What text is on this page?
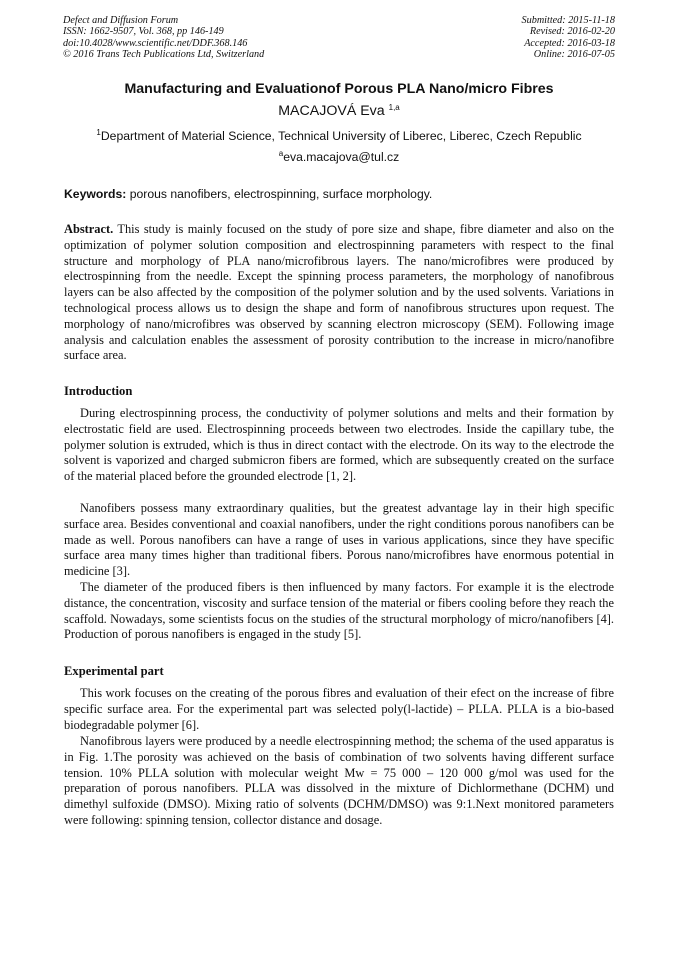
Defect and Diffusion Forum
ISSN: 1662-9507, Vol. 368, pp 146-149
doi:10.4028/www.scientific.net/DDF.368.146
© 2016 Trans Tech Publications Ltd, Switzerland
Submitted: 2015-11-18
Revised: 2016-02-20
Accepted: 2016-03-18
Online: 2016-07-05
Manufacturing and Evaluationof Porous PLA Nano/micro Fibres
MACAJOVÁ Eva $^{1,a}$
$^1$Department of Material Science, Technical University of Liberec, Liberec, Czech Republic
$^a$eva.macajova@tul.cz
Keywords: porous nanofibers, electrospinning, surface morphology.
Abstract. This study is mainly focused on the study of pore size and shape, fibre diameter and also on the optimization of polymer solution composition and electrospinning parameters with respect to the final structure and morphology of PLA nano/microfibrous layers. The nano/microfibres were produced by electrospinning from the needle. Except the spinning process parameters, the morphology of nanofibrous layers can be also affected by the composition of the polymer solution and by the used solvents. Variations in technological process allows us to design the shape and form of nanofibrous structures upon request. The morphology of nano/microfibres was observed by scanning electron microscopy (SEM). Following image analysis and calculation enables the assessment of porosity contribution to the increase in micro/nanofibre surface area.
Introduction
During electrospinning process, the conductivity of polymer solutions and melts and their formation by electrostatic field are used. Electrospinning proceeds between two electrodes. Inside the capillary tube, the polymer solution is extruded, which is thus in direct contact with the electrode. On its way to the electrode the solvent is vaporized and charged submicron fibers are formed, which are subsequently created on the surface of the material placed before the grounded electrode [1, 2].
Nanofibers possess many extraordinary qualities, but the greatest advantage lay in their high specific surface area. Besides conventional and coaxial nanofibers, under the right conditions porous nanofibers can be made as well. Porous nanofibers can have a range of uses in various applications, since they have specific surface area many times higher than traditional fibers. Porous nano/microfibres have enormous potential in medicine [3].
The diameter of the produced fibers is then influenced by many factors. For example it is the electrode distance, the concentration, viscosity and surface tension of the material or fibers cooling before they reach the scaffold. Nowadays, some scientists focus on the studies of the structural morphology of micro/nanofibers [4]. Production of porous nanofibers is engaged in the study [5].
Experimental part
This work focuses on the creating of the porous fibres and evaluation of their efect on the increase of fibre specific surface area. For the experimental part was selected poly(l-lactide) – PLLA. PLLA is a bio-based biodegradable polymer [6].
Nanofibrous layers were produced by a needle electrospinning method; the schema of the used apparatus is in Fig. 1.The porosity was achieved on the basis of combination of two solvents having different surface tension. 10% PLLA solution with molecular weight Mw = 75 000 – 120 000 g/mol was used for the preparation of porous nanofibers. PLLA was dissolved in the mixture of Dichlormethane (DCHM) und dimethyl sulfoxide (DMSO). Mixing ratio of solvents (DCHM/DMSO) was 9:1.Next monitored parameters were following: spinning tension, collector distance and dosage.
